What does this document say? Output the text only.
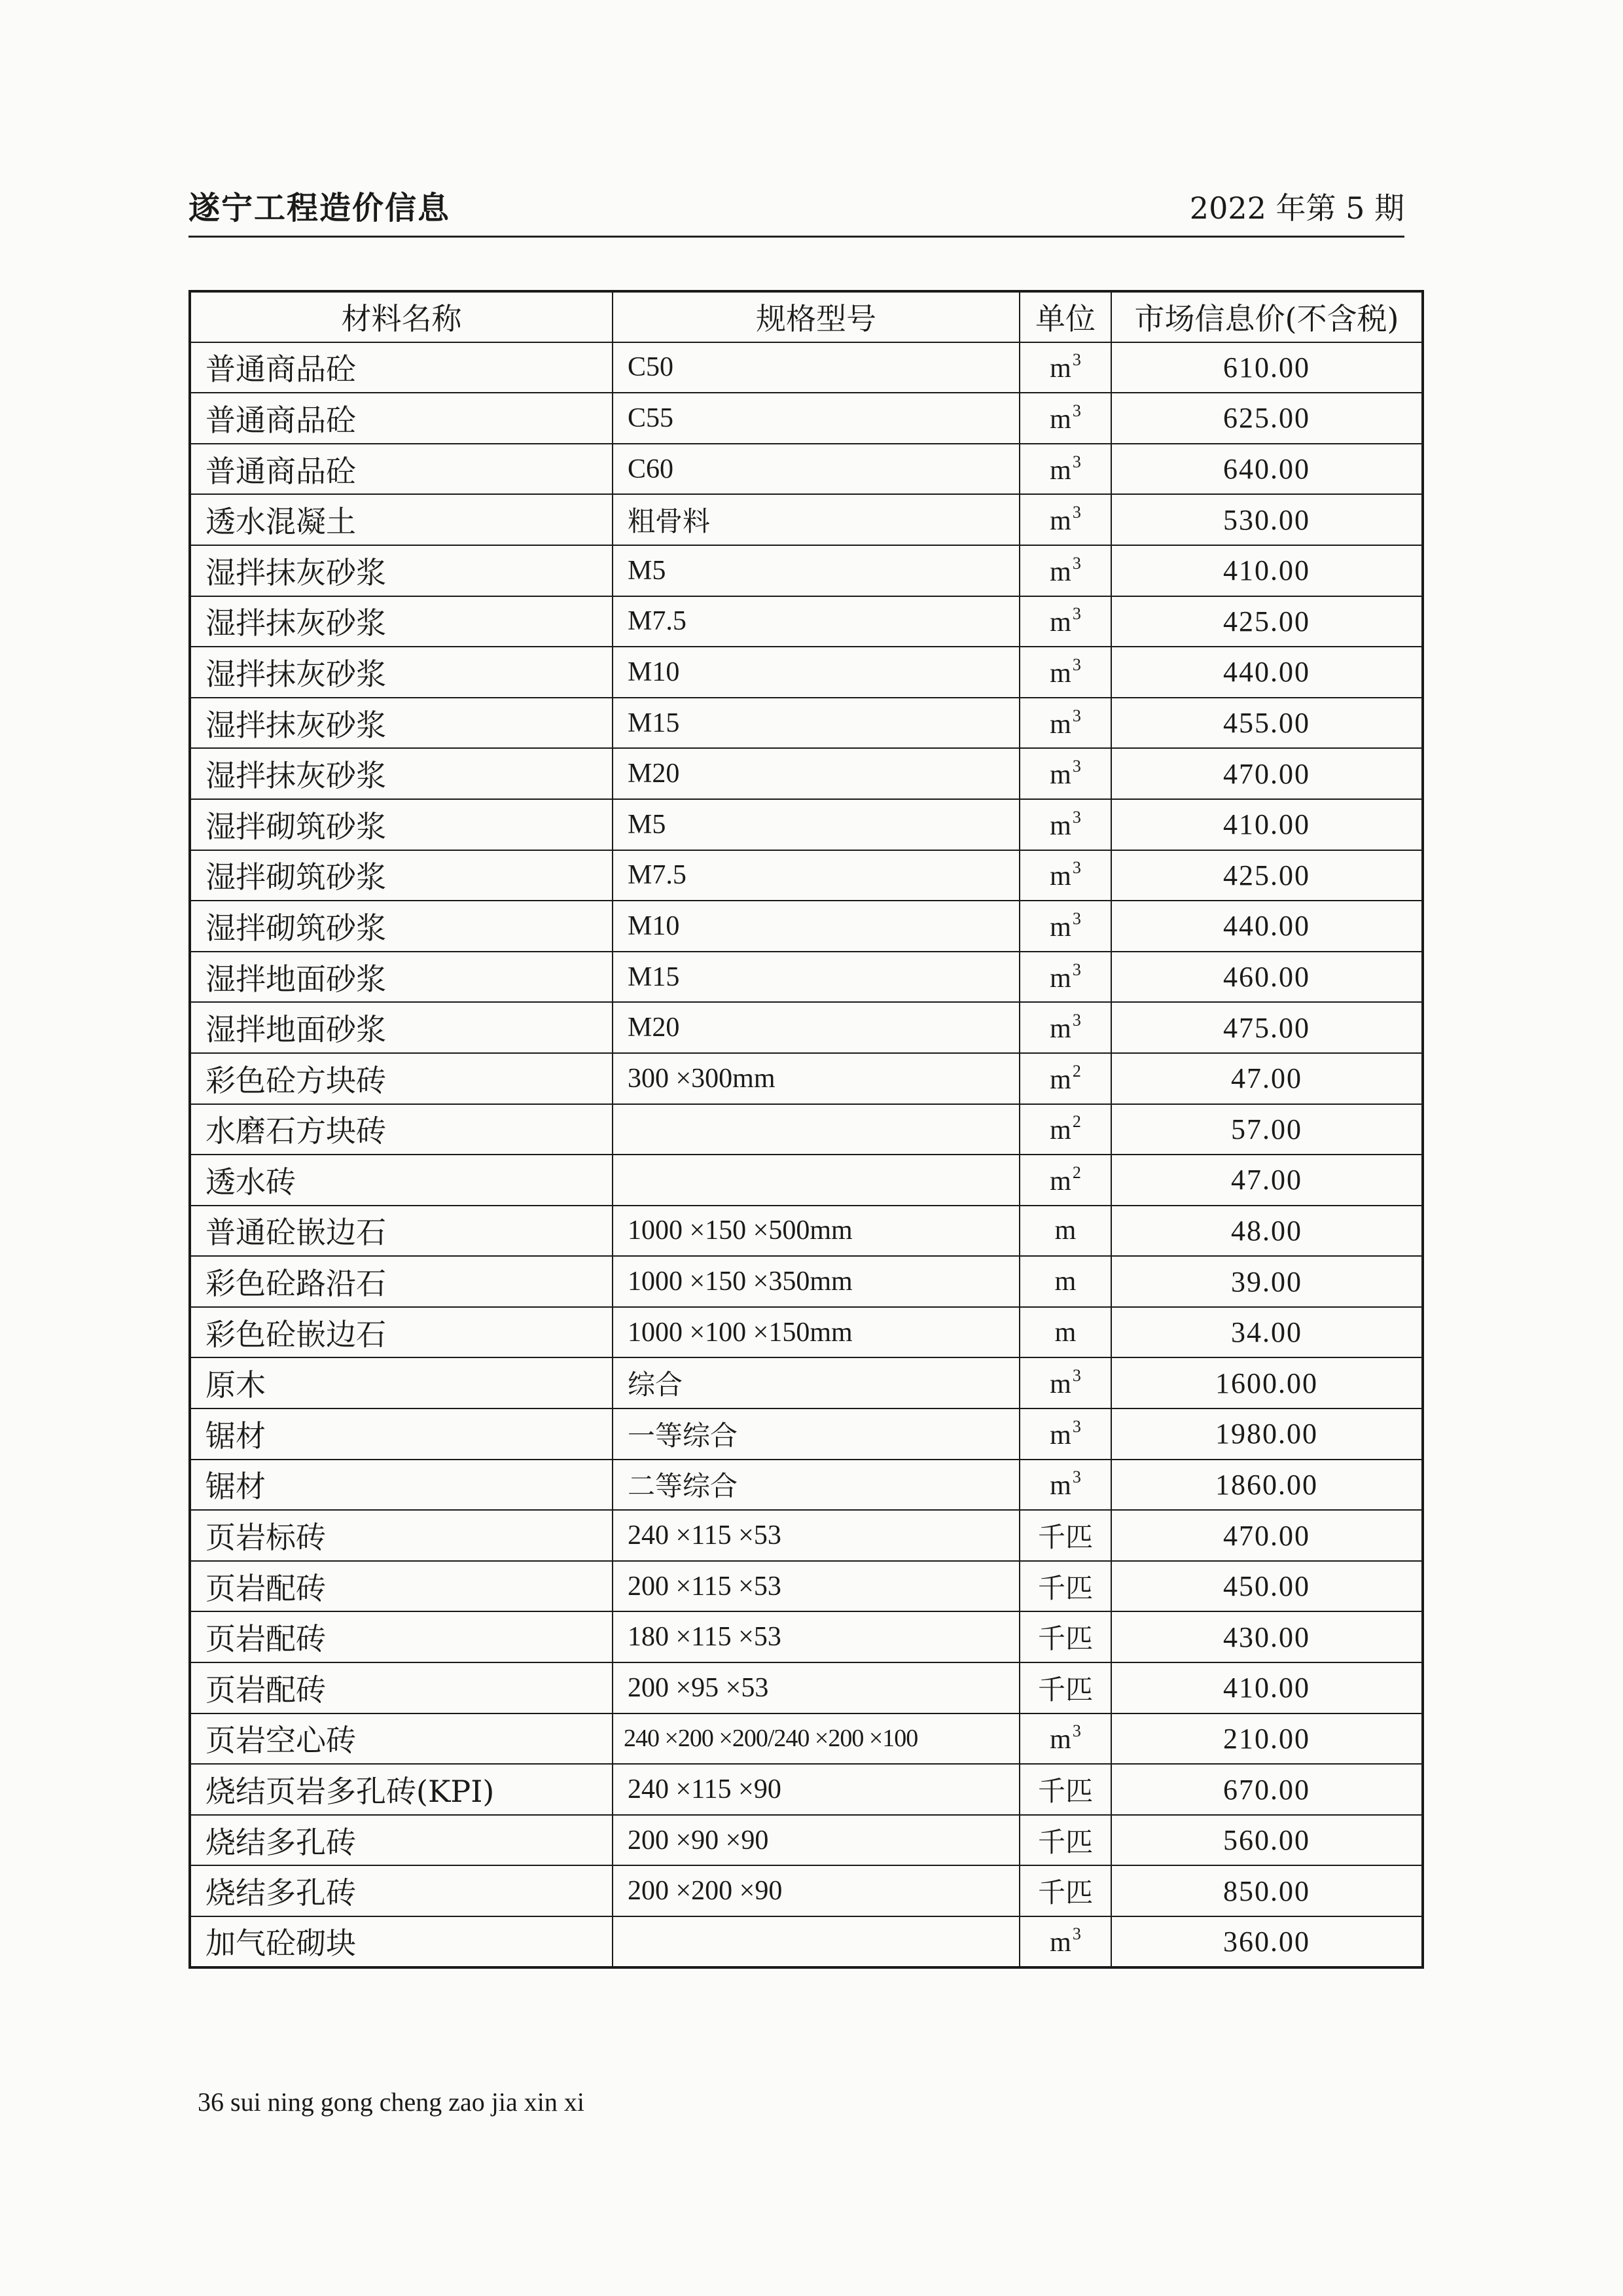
遂宁工程造价信息	2022 年第 5 期
材料名称	规格型号	单位	市场信息价(不含税)
普通商品砼	C50	$m^3$	610.00
普通商品砼	C55	$m^3$	625.00
普通商品砼	C60	$m^3$	640.00
透水混凝土	粗骨料	$m^3$	530.00
湿拌抹灰砂浆	M5	$m^3$	410.00
湿拌抹灰砂浆	M7.5	$m^3$	425.00
湿拌抹灰砂浆	M10	$m^3$	440.00
湿拌抹灰砂浆	M15	$m^3$	455.00
湿拌抹灰砂浆	M20	$m^3$	470.00
湿拌砌筑砂浆	M5	$m^3$	410.00
湿拌砌筑砂浆	M7.5	$m^3$	425.00
湿拌砌筑砂浆	M10	$m^3$	440.00
湿拌地面砂浆	M15	$m^3$	460.00
湿拌地面砂浆	M20	$m^3$	475.00
彩色砼方块砖	300 ×300mm	$m^2$	47.00
水磨石方块砖		$m^2$	57.00
透水砖		$m^2$	47.00
普通砼嵌边石	1000 ×150 ×500mm	m	48.00
彩色砼路沿石	1000 ×150 ×350mm	m	39.00
彩色砼嵌边石	1000 ×100 ×150mm	m	34.00
原木	综合	$m^3$	1600.00
锯材	一等综合	$m^3$	1980.00
锯材	二等综合	$m^3$	1860.00
页岩标砖	240 ×115 ×53	千匹	470.00
页岩配砖	200 ×115 ×53	千匹	450.00
页岩配砖	180 ×115 ×53	千匹	430.00
页岩配砖	200 ×95 ×53	千匹	410.00
页岩空心砖	240 ×200 ×200/240 ×200 ×100	$m^3$	210.00
烧结页岩多孔砖(KPI)	240 ×115 ×90	千匹	670.00
烧结多孔砖	200 ×90 ×90	千匹	560.00
烧结多孔砖	200 ×200 ×90	千匹	850.00
加气砼砌块		$m^3$	360.00
36 sui ning gong cheng zao jia xin xi
